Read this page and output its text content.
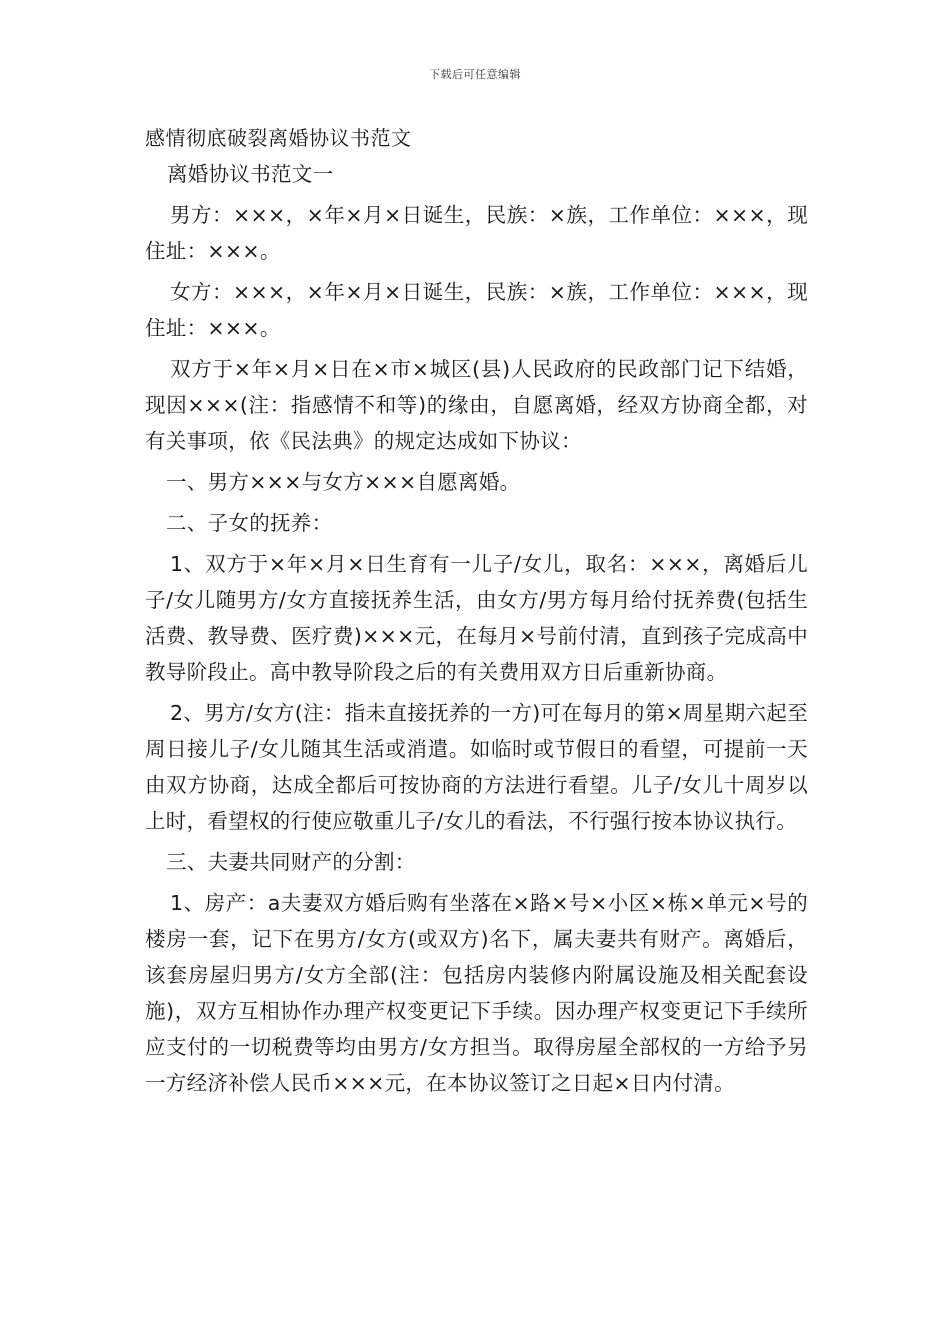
下载后可任意编辑
感情彻底破裂离婚协议书范文

离婚协议书范文一

男方：×××，×年×月×日诞生，民族：×族，工作单位：×××，现住址：×××。

女方：×××，×年×月×日诞生，民族：×族，工作单位：×××，现住址：×××。

双方于×年×月×日在×市×城区(县)人民政府的民政部门记下结婚，现因×××(注：指感情不和等)的缘由，自愿离婚，经双方协商全都，对有关事项，依《民法典》的规定达成如下协议：

一、男方×××与女方×××自愿离婚。

二、子女的抚养：

1、双方于×年×月×日生育有一儿子/女儿，取名：×××，离婚后儿子/女儿随男方/女方直接抚养生活，由女方/男方每月给付抚养费(包括生活费、教导费、医疗费)×××元，在每月×号前付清，直到孩子完成高中教导阶段止。高中教导阶段之后的有关费用双方日后重新协商。

2、男方/女方(注：指未直接抚养的一方)可在每月的第×周星期六起至周日接儿子/女儿随其生活或消遣。如临时或节假日的看望，可提前一天由双方协商，达成全都后可按协商的方法进行看望。儿子/女儿十周岁以上时，看望权的行使应敬重儿子/女儿的看法，不行强行按本协议执行。

三、夫妻共同财产的分割：

1、房产：a夫妻双方婚后购有坐落在×路×号×小区×栋×单元×号的楼房一套，记下在男方/女方(或双方)名下，属夫妻共有财产。离婚后，该套房屋归男方/女方全部(注：包括房内装修内附属设施及相关配套设施)，双方互相协作办理产权变更记下手续。因办理产权变更记下手续所应支付的一切税费等均由男方/女方担当。取得房屋全部权的一方给予另一方经济补偿人民币×××元，在本协议签订之日起×日内付清。
